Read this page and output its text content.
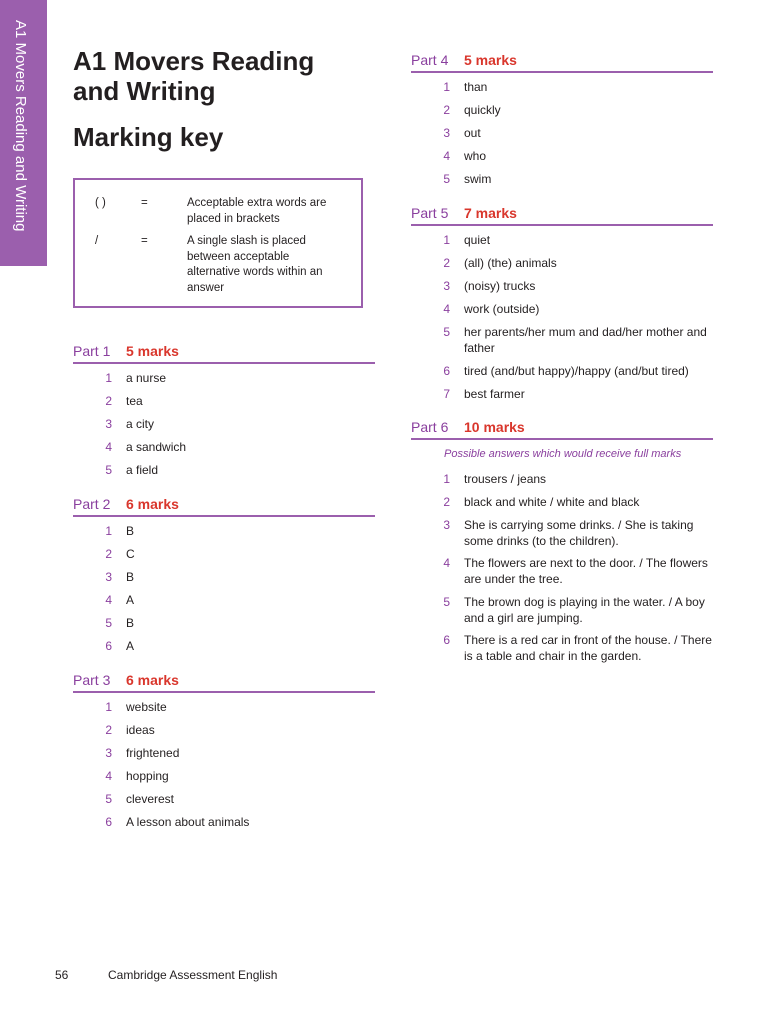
A1 Movers Reading and Writing A1 Movers Reading
and Writing
Marking key
( )	=	Acceptable extra words are placed in brackets
/	=	A single slash is placed between acceptable alternative words within an answer
Part 1 5 marks
1 a nurse
2 tea
3 a city
4 a sandwich
5 a field
Part 2 6 marks
1 B
2 C
3 B
4 A
5 B
6 A
Part 3 6 marks
1 website
2 ideas
3 frightened
4 hopping
5 cleverest
6 A lesson about animals
Part 4 5 marks
1 than
2 quickly
3 out
4 who
5 swim
Part 5 7 marks
1 quiet
2 (all) (the) animals
3 (noisy) trucks
4 work (outside)
5 her parents/her mum and dad/her mother and father
6 tired (and/but happy)/happy (and/but tired)
7 best farmer
Part 6 10 marks
Possible answers which would receive full marks
1 trousers / jeans
2 black and white / white and black
3 She is carrying some drinks. / She is taking some drinks (to the children).
4 The flowers are next to the door. / The flowers are under the tree.
5 The brown dog is playing in the water. / A boy and a girl are jumping.
6 There is a red car in front of the house. / There is a table and chair in the garden.
56	Cambridge Assessment English
